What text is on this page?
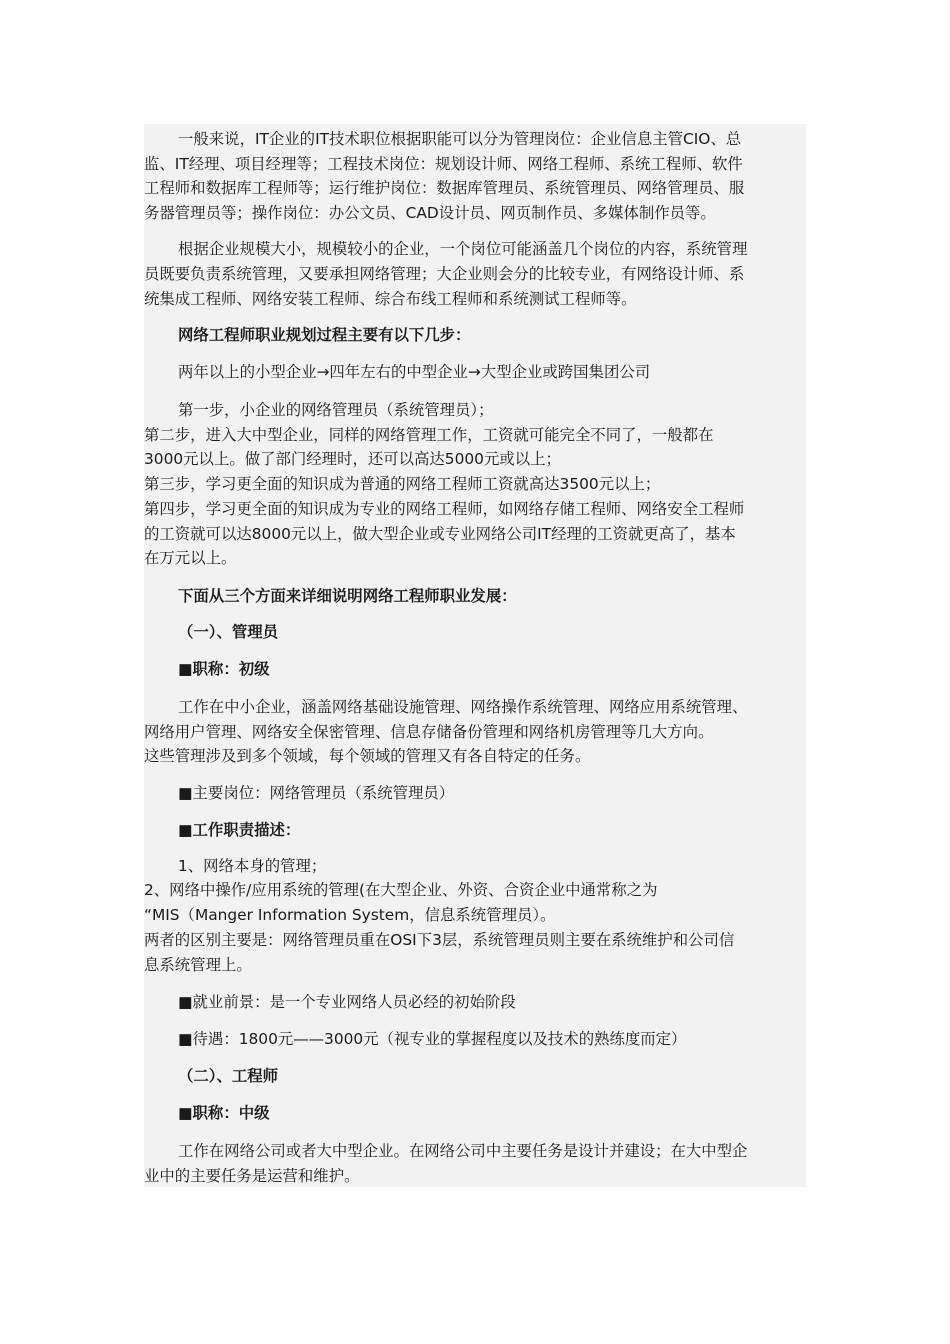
一般来说，IT企业的IT技术职位根据职能可以分为管理岗位：企业信息主管CIO、总
监、IT经理、项目经理等；工程技术岗位：规划设计师、网络工程师、系统工程师、软件
工程师和数据库工程师等；运行维护岗位：数据库管理员、系统管理员、网络管理员、服
务器管理员等；操作岗位：办公文员、CAD设计员、网页制作员、多媒体制作员等。
根据企业规模大小，规模较小的企业，一个岗位可能涵盖几个岗位的内容，系统管理
员既要负责系统管理，又要承担网络管理；大企业则会分的比较专业，有网络设计师、系
统集成工程师、网络安装工程师、综合布线工程师和系统测试工程师等。
网络工程师职业规划过程主要有以下几步：
两年以上的小型企业→四年左右的中型企业→大型企业或跨国集团公司
第一步，小企业的网络管理员（系统管理员）；
第二步，进入大中型企业，同样的网络管理工作，工资就可能完全不同了，一般都在
3000元以上。做了部门经理时，还可以高达5000元或以上；
第三步，学习更全面的知识成为普通的网络工程师工资就高达3500元以上；
第四步，学习更全面的知识成为专业的网络工程师，如网络存储工程师、网络安全工程师
的工资就可以达8000元以上，做大型企业或专业网络公司IT经理的工资就更高了，基本
在万元以上。
下面从三个方面来详细说明网络工程师职业发展：
（一）、管理员
■职称：初级
工作在中小企业，涵盖网络基础设施管理、网络操作系统管理、网络应用系统管理、
网络用户管理、网络安全保密管理、信息存储备份管理和网络机房管理等几大方向。
这些管理涉及到多个领域，每个领域的管理又有各自特定的任务。
■主要岗位：网络管理员（系统管理员）
■工作职责描述：
1、网络本身的管理；
2、网络中操作/应用系统的管理(在大型企业、外资、合资企业中通常称之为
“MIS（Manger Information System，信息系统管理员）。
两者的区别主要是：网络管理员重在OSI下3层，系统管理员则主要在系统维护和公司信
息系统管理上。
■就业前景：是一个专业网络人员必经的初始阶段
■待遇：1800元——3000元（视专业的掌握程度以及技术的熟练度而定）
（二）、工程师
■职称：中级
工作在网络公司或者大中型企业。在网络公司中主要任务是设计并建设；在大中型企
业中的主要任务是运营和维护。
